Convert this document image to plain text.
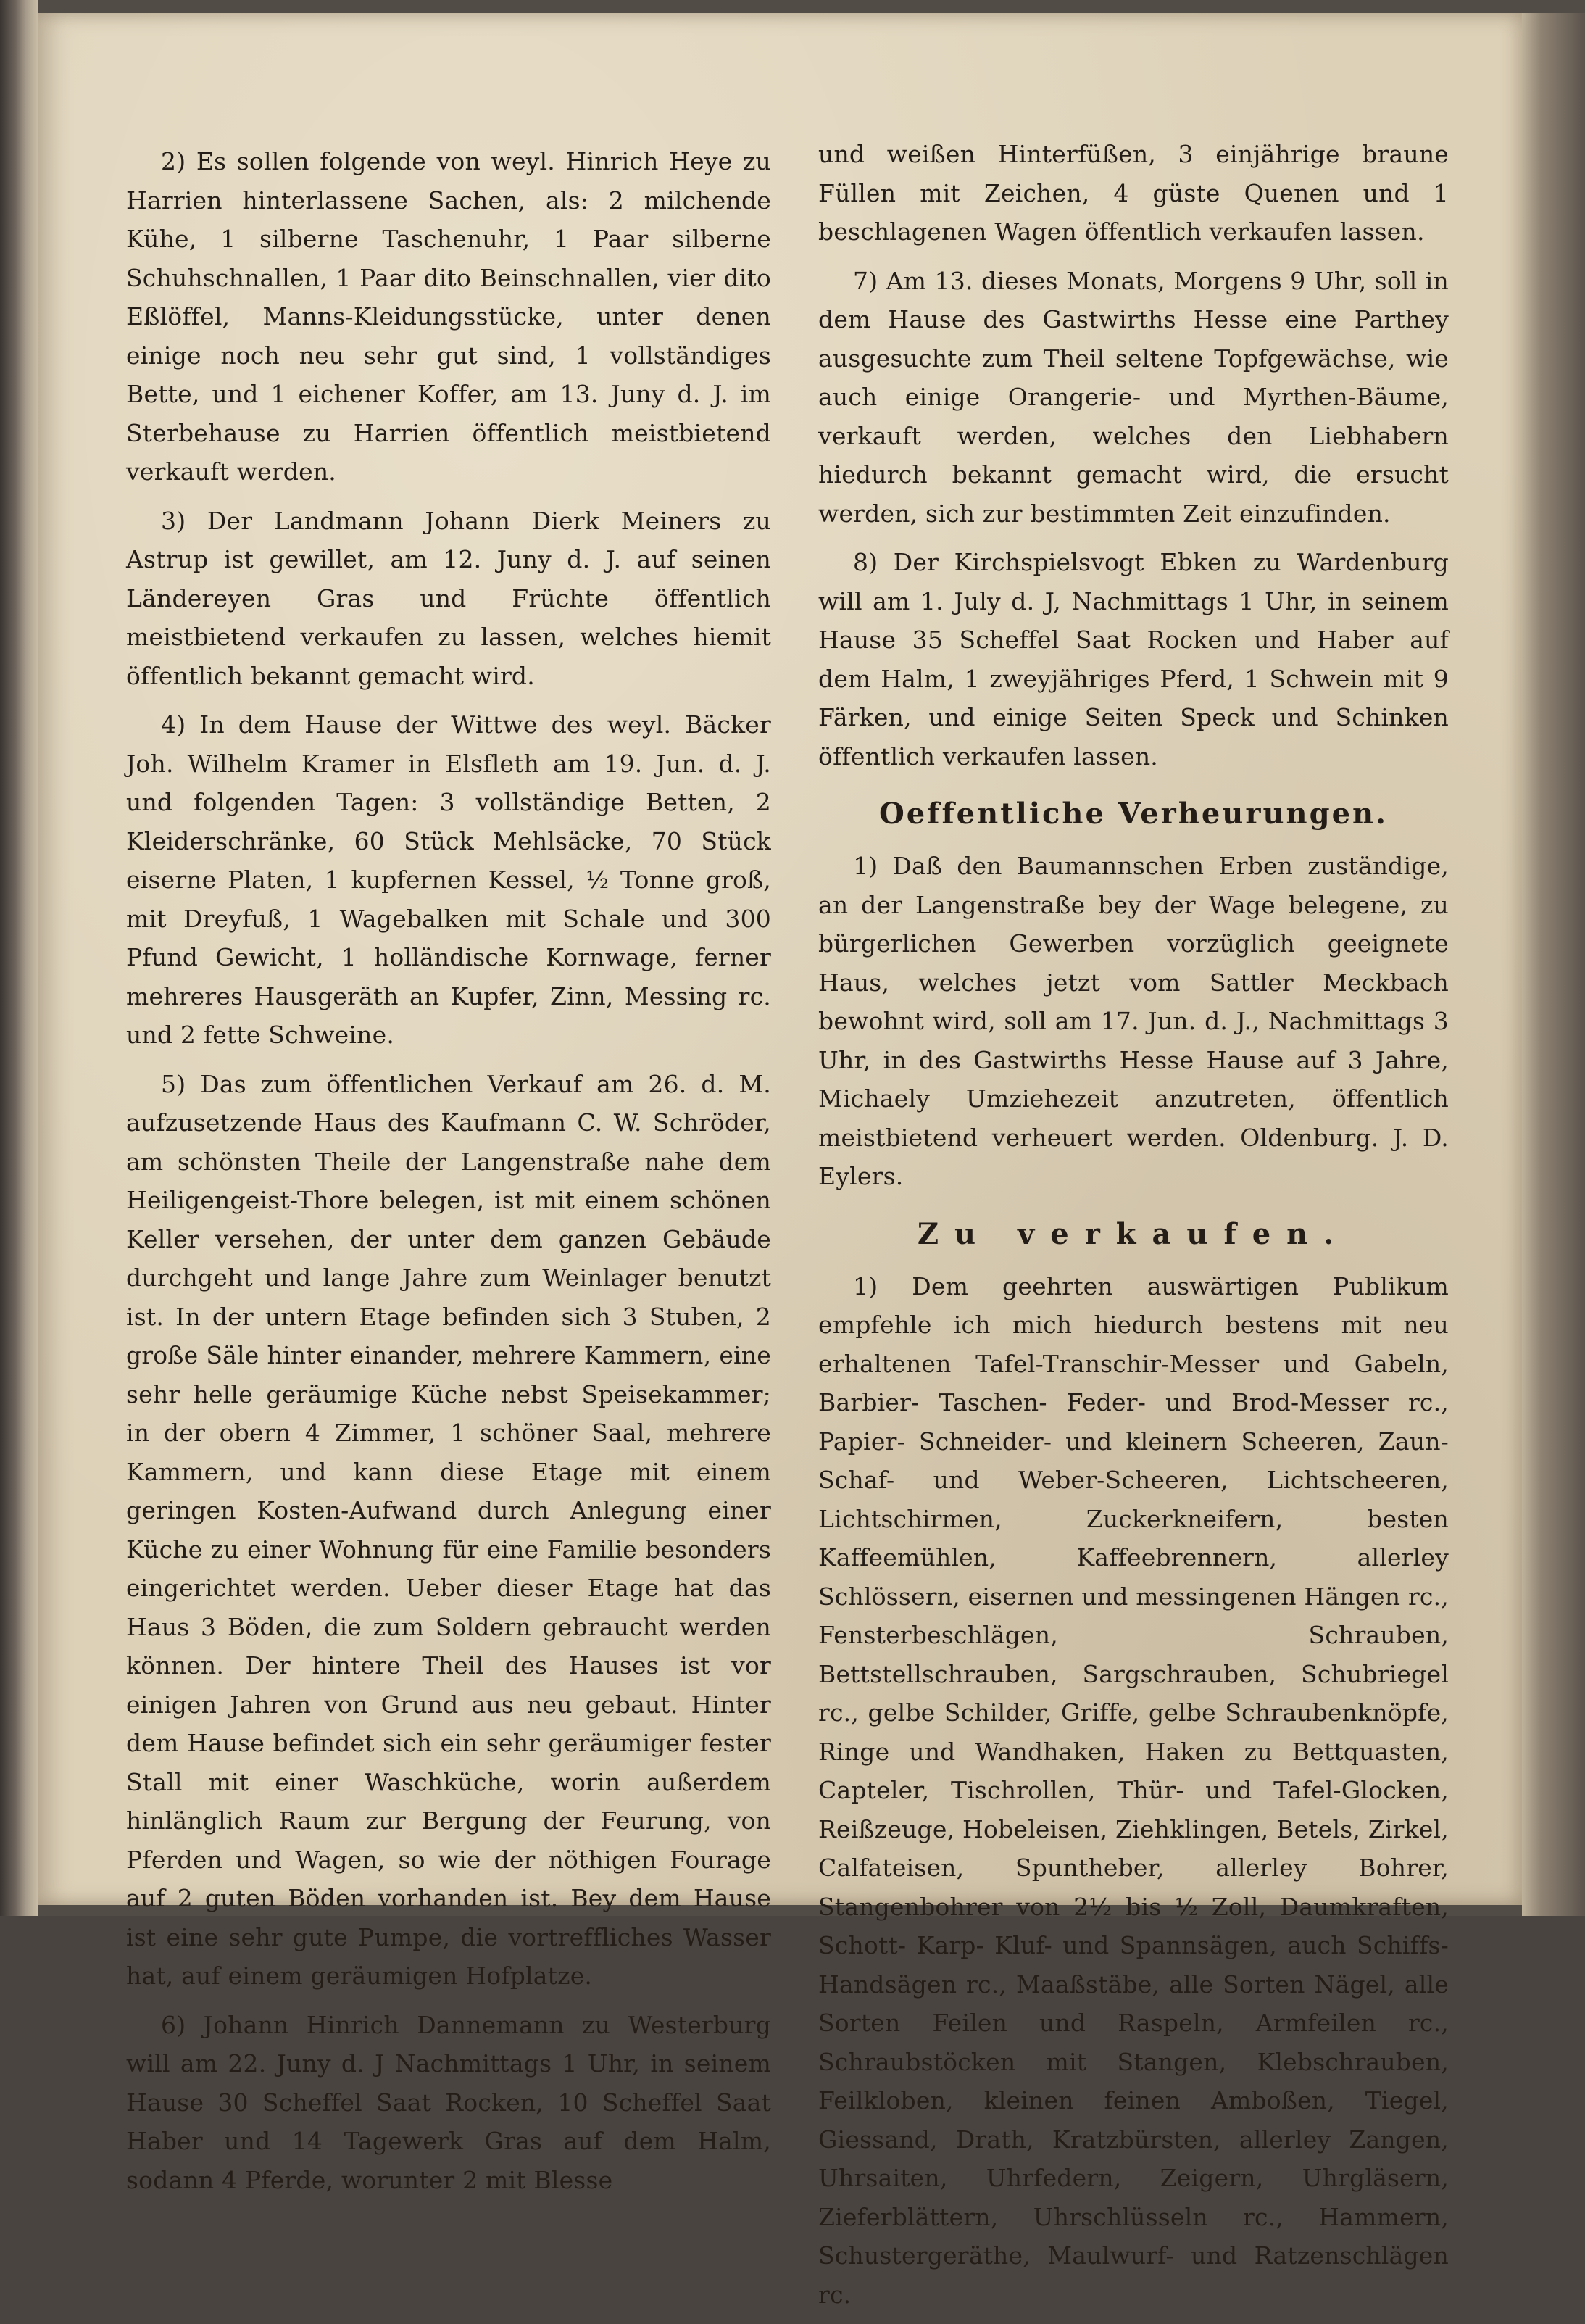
2) Es sollen folgende von weyl. Hinrich Heye zu Harrien hinterlassene Sachen, als: 2 milchende Kühe, 1 silberne Taschenuhr, 1 Paar silberne Schuhschnallen, 1 Paar dito Beinschnallen, vier dito Eßlöffel, Manns-Kleidungsstücke, unter denen einige noch neu sehr gut sind, 1 vollständiges Bette, und 1 eichener Koffer, am 13. Juny d. J. im Sterbehause zu Harrien öffentlich meistbietend verkauft werden.

3) Der Landmann Johann Dierk Meiners zu Astrup ist gewillet, am 12. Juny d. J. auf seinen Ländereyen Gras und Früchte öffentlich meistbietend verkaufen zu lassen, welches hiemit öffentlich bekannt gemacht wird.

4) In dem Hause der Wittwe des weyl. Bäcker Joh. Wilhelm Kramer in Elsfleth am 19. Jun. d. J. und folgenden Tagen: 3 vollständige Betten, 2 Kleiderschränke, 60 Stück Mehlsäcke, 70 Stück eiserne Platen, 1 kupfernen Kessel, ½ Tonne groß, mit Dreyfuß, 1 Wagebalken mit Schale und 300 Pfund Gewicht, 1 holländische Kornwage, ferner mehreres Hausgeräth an Kupfer, Zinn, Messing rc. und 2 fette Schweine.

5) Das zum öffentlichen Verkauf am 26. d. M. aufzusetzende Haus des Kaufmann C. W. Schröder, am schönsten Theile der Langenstraße nahe dem Heiligengeist-Thore belegen, ist mit einem schönen Keller versehen, der unter dem ganzen Gebäude durchgeht und lange Jahre zum Weinlager benutzt ist. In der untern Etage befinden sich 3 Stuben, 2 große Säle hinter einander, mehrere Kammern, eine sehr helle geräumige Küche nebst Speisekammer; in der obern 4 Zimmer, 1 schöner Saal, mehrere Kammern, und kann diese Etage mit einem geringen Kosten-Aufwand durch Anlegung einer Küche zu einer Wohnung für eine Familie besonders eingerichtet werden. Ueber dieser Etage hat das Haus 3 Böden, die zum Soldern gebraucht werden können. Der hintere Theil des Hauses ist vor einigen Jahren von Grund aus neu gebaut. Hinter dem Hause befindet sich ein sehr geräumiger fester Stall mit einer Waschküche, worin außerdem hinlänglich Raum zur Bergung der Feurung, von Pferden und Wagen, so wie der nöthigen Fourage auf 2 guten Böden vorhanden ist. Bey dem Hause ist eine sehr gute Pumpe, die vortreffliches Wasser hat, auf einem geräumigen Hofplatze.

6) Johann Hinrich Dannemann zu Westerburg will am 22. Juny d. J Nachmittags 1 Uhr, in seinem Hause 30 Scheffel Saat Rocken, 10 Scheffel Saat Haber und 14 Tagewerk Gras auf dem Halm, sodann 4 Pferde, worunter 2 mit Blesse

und weißen Hinterfüßen, 3 einjährige braune Füllen mit Zeichen, 4 güste Quenen und 1 beschlagenen Wagen öffentlich verkaufen lassen.

7) Am 13. dieses Monats, Morgens 9 Uhr, soll in dem Hause des Gastwirths Hesse eine Parthey ausgesuchte zum Theil seltene Topfgewächse, wie auch einige Orangerie- und Myrthen-Bäume, verkauft werden, welches den Liebhabern hiedurch bekannt gemacht wird, die ersucht werden, sich zur bestimmten Zeit einzufinden.

8) Der Kirchspielsvogt Ebken zu Wardenburg will am 1. July d. J, Nachmittags 1 Uhr, in seinem Hause 35 Scheffel Saat Rocken und Haber auf dem Halm, 1 zweyjähriges Pferd, 1 Schwein mit 9 Färken, und einige Seiten Speck und Schinken öffentlich verkaufen lassen.

Oeffentliche Verheurungen.

1) Daß den Baumannschen Erben zuständige, an der Langenstraße bey der Wage belegene, zu bürgerlichen Gewerben vorzüglich geeignete Haus, welches jetzt vom Sattler Meckbach bewohnt wird, soll am 17. Jun. d. J., Nachmittags 3 Uhr, in des Gastwirths Hesse Hause auf 3 Jahre, Michaely Umziehezeit anzutreten, öffentlich meistbietend verheuert werden. Oldenburg. J. D. Eylers.

Zu verkaufen.

1) Dem geehrten auswärtigen Publikum empfehle ich mich hiedurch bestens mit neu erhaltenen Tafel-Transchir-Messer und Gabeln, Barbier- Taschen- Feder- und Brod-Messer rc., Papier- Schneider- und kleinern Scheeren, Zaun- Schaf- und Weber-Scheeren, Lichtscheeren, Lichtschirmen, Zuckerkneifern, besten Kaffeemühlen, Kaffeebrennern, allerley Schlössern, eisernen und messingenen Hängen rc., Fensterbeschlägen, Schrauben, Bettstellschrauben, Sargschrauben, Schubriegel rc., gelbe Schilder, Griffe, gelbe Schraubenknöpfe, Ringe und Wandhaken, Haken zu Bettquasten, Capteler, Tischrollen, Thür- und Tafel-Glocken, Reißzeuge, Hobeleisen, Ziehklingen, Betels, Zirkel, Calfateisen, Spuntheber, allerley Bohrer, Stangenbohrer von 2½ bis ½ Zoll, Daumkraften, Schott- Karp- Kluf- und Spannsägen, auch Schiffs-Handsägen rc., Maaßstäbe, alle Sorten Nägel, alle Sorten Feilen und Raspeln, Armfeilen rc., Schraubstöcken mit Stangen, Klebschrauben, Feilkloben, kleinen feinen Amboßen, Tiegel, Giessand, Drath, Kratzbürsten, allerley Zangen, Uhrsaiten, Uhrfedern, Zeigern, Uhrgläsern, Zieferblättern, Uhrschlüsseln rc., Hammern, Schustergeräthe, Maulwurf- und Ratzenschlägen rc.
